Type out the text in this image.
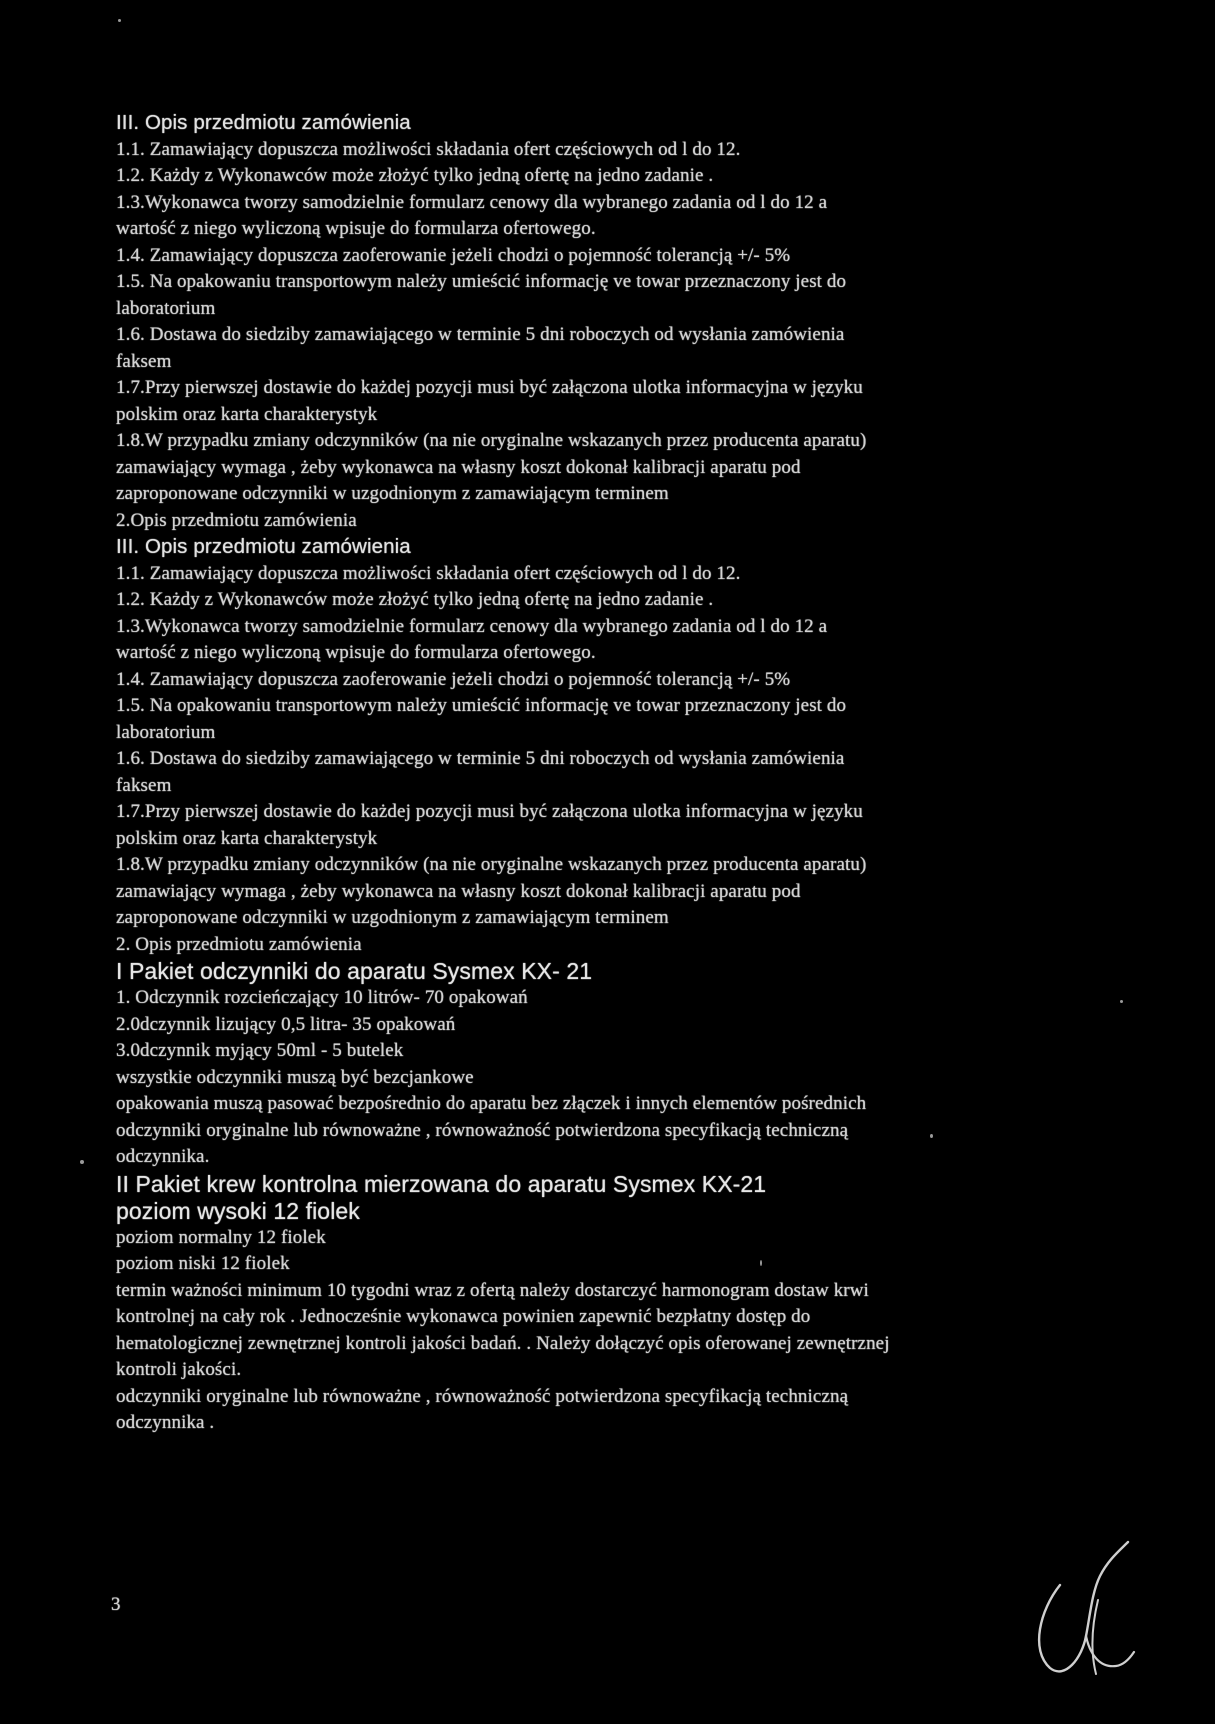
III. Opis przedmiotu zamówienia
1.1. Zamawiający dopuszcza możliwości składania ofert częściowych od l do 12.
1.2. Każdy z Wykonawców może złożyć tylko jedną ofertę na jedno zadanie .
1.3.Wykonawca tworzy samodzielnie formularz cenowy dla wybranego zadania od l do 12 a
wartość z niego wyliczoną wpisuje do formularza ofertowego.
1.4. Zamawiający dopuszcza zaoferowanie jeżeli chodzi o pojemność tolerancją +/- 5%
1.5. Na opakowaniu transportowym należy umieścić informację ve towar przeznaczony jest do
laboratorium
1.6. Dostawa do siedziby zamawiającego w terminie 5 dni roboczych od wysłania zamówienia
faksem
1.7.Przy pierwszej dostawie do każdej pozycji musi być załączona ulotka informacyjna w języku
polskim oraz karta charakterystyk
1.8.W przypadku zmiany odczynników (na nie oryginalne wskazanych przez producenta aparatu)
zamawiający wymaga , żeby wykonawca na własny koszt dokonał kalibracji aparatu pod
zaproponowane odczynniki w uzgodnionym z zamawiającym terminem
2.Opis przedmiotu zamówienia
III. Opis przedmiotu zamówienia
1.1. Zamawiający dopuszcza możliwości składania ofert częściowych od l do 12.
1.2. Każdy z Wykonawców może złożyć tylko jedną ofertę na jedno zadanie .
1.3.Wykonawca tworzy samodzielnie formularz cenowy dla wybranego zadania od l do 12 a
wartość z niego wyliczoną wpisuje do formularza ofertowego.
1.4. Zamawiający dopuszcza zaoferowanie jeżeli chodzi o pojemność tolerancją +/- 5%
1.5. Na opakowaniu transportowym należy umieścić informację ve towar przeznaczony jest do
laboratorium
1.6. Dostawa do siedziby zamawiającego w terminie 5 dni roboczych od wysłania zamówienia
faksem
1.7.Przy pierwszej dostawie do każdej pozycji musi być załączona ulotka informacyjna w języku
polskim oraz karta charakterystyk
1.8.W przypadku zmiany odczynników (na nie oryginalne wskazanych przez producenta aparatu)
zamawiający wymaga , żeby wykonawca na własny koszt dokonał kalibracji aparatu pod
zaproponowane odczynniki w uzgodnionym z zamawiającym terminem
2. Opis przedmiotu zamówienia
I Pakiet odczynniki do aparatu Sysmex KX- 21
1. Odczynnik rozcieńczający 10 litrów- 70 opakowań
2.0dczynnik lizujący 0,5 litra- 35 opakowań
3.0dczynnik myjący 50ml - 5 butelek
wszystkie odczynniki muszą być bezcjankowe
opakowania muszą pasować bezpośrednio do aparatu bez złączek i innych elementów pośrednich
odczynniki oryginalne lub równoważne , równoważność potwierdzona specyfikacją techniczną
odczynnika.
II Pakiet krew kontrolna mierzowana do aparatu Sysmex KX-21
poziom wysoki 12 fiolek
poziom normalny 12 fiolek
poziom niski 12 fiolek
termin ważności minimum 10 tygodni wraz z ofertą należy dostarczyć harmonogram dostaw krwi
kontrolnej na cały rok . Jednocześnie wykonawca powinien zapewnić bezpłatny dostęp do
hematologicznej zewnętrznej kontroli jakości badań. . Należy dołączyć opis oferowanej zewnętrznej
kontroli jakości.
odczynniki oryginalne lub równoważne , równoważność potwierdzona specyfikacją techniczną
odczynnika .
3
